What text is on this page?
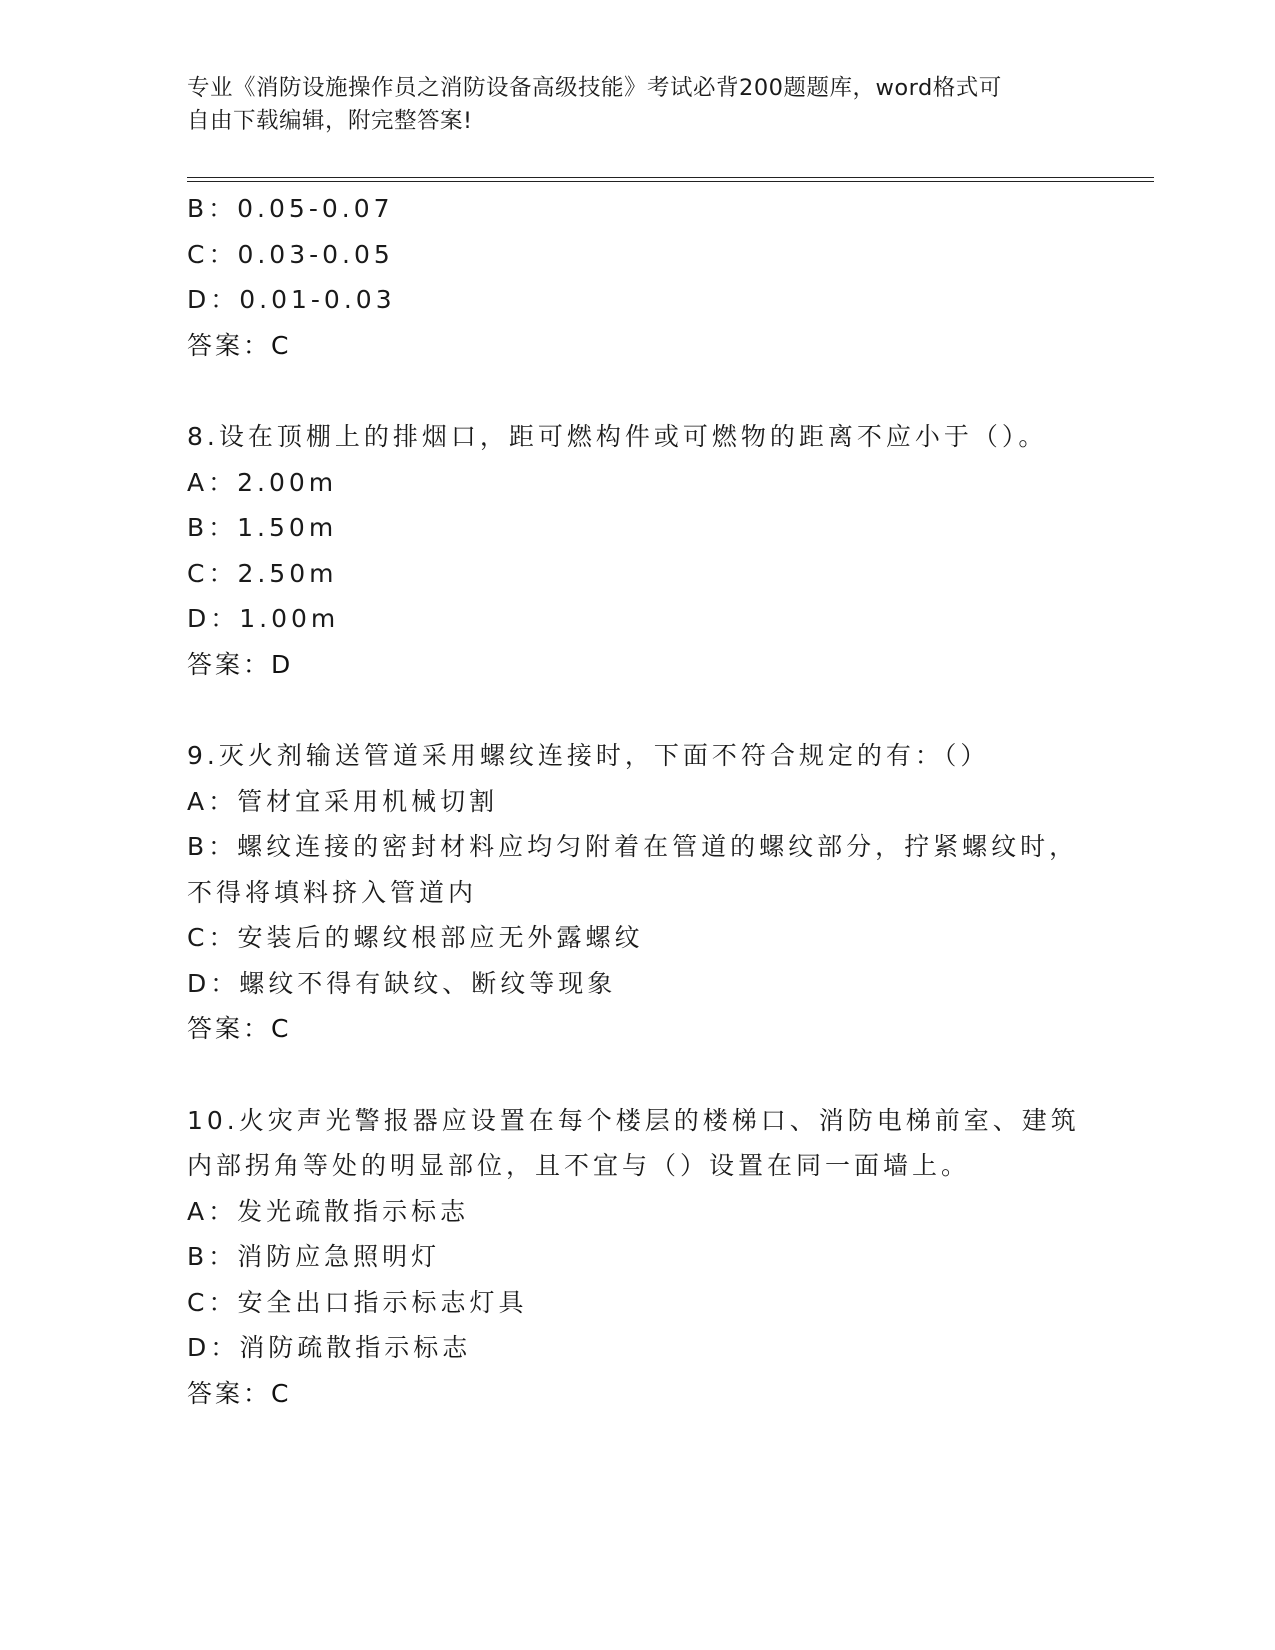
专业《消防设施操作员之消防设备高级技能》考试必背200题题库，word格式可
自由下载编辑，附完整答案!
B：0.05-0.07
C：0.03-0.05
D：0.01-0.03
答案：C
8.设在顶棚上的排烟口，距可燃构件或可燃物的距离不应小于（）。
A：2.00m
B：1.50m
C：2.50m
D：1.00m
答案：D
9.灭火剂输送管道采用螺纹连接时，下面不符合规定的有：（）
A：管材宜采用机械切割
B：螺纹连接的密封材料应均匀附着在管道的螺纹部分，拧紧螺纹时，
不得将填料挤入管道内
C：安装后的螺纹根部应无外露螺纹
D：螺纹不得有缺纹、断纹等现象
答案：C
10.火灾声光警报器应设置在每个楼层的楼梯口、消防电梯前室、建筑
内部拐角等处的明显部位，且不宜与（）设置在同一面墙上。
A：发光疏散指示标志
B：消防应急照明灯
C：安全出口指示标志灯具
D：消防疏散指示标志
答案：C
